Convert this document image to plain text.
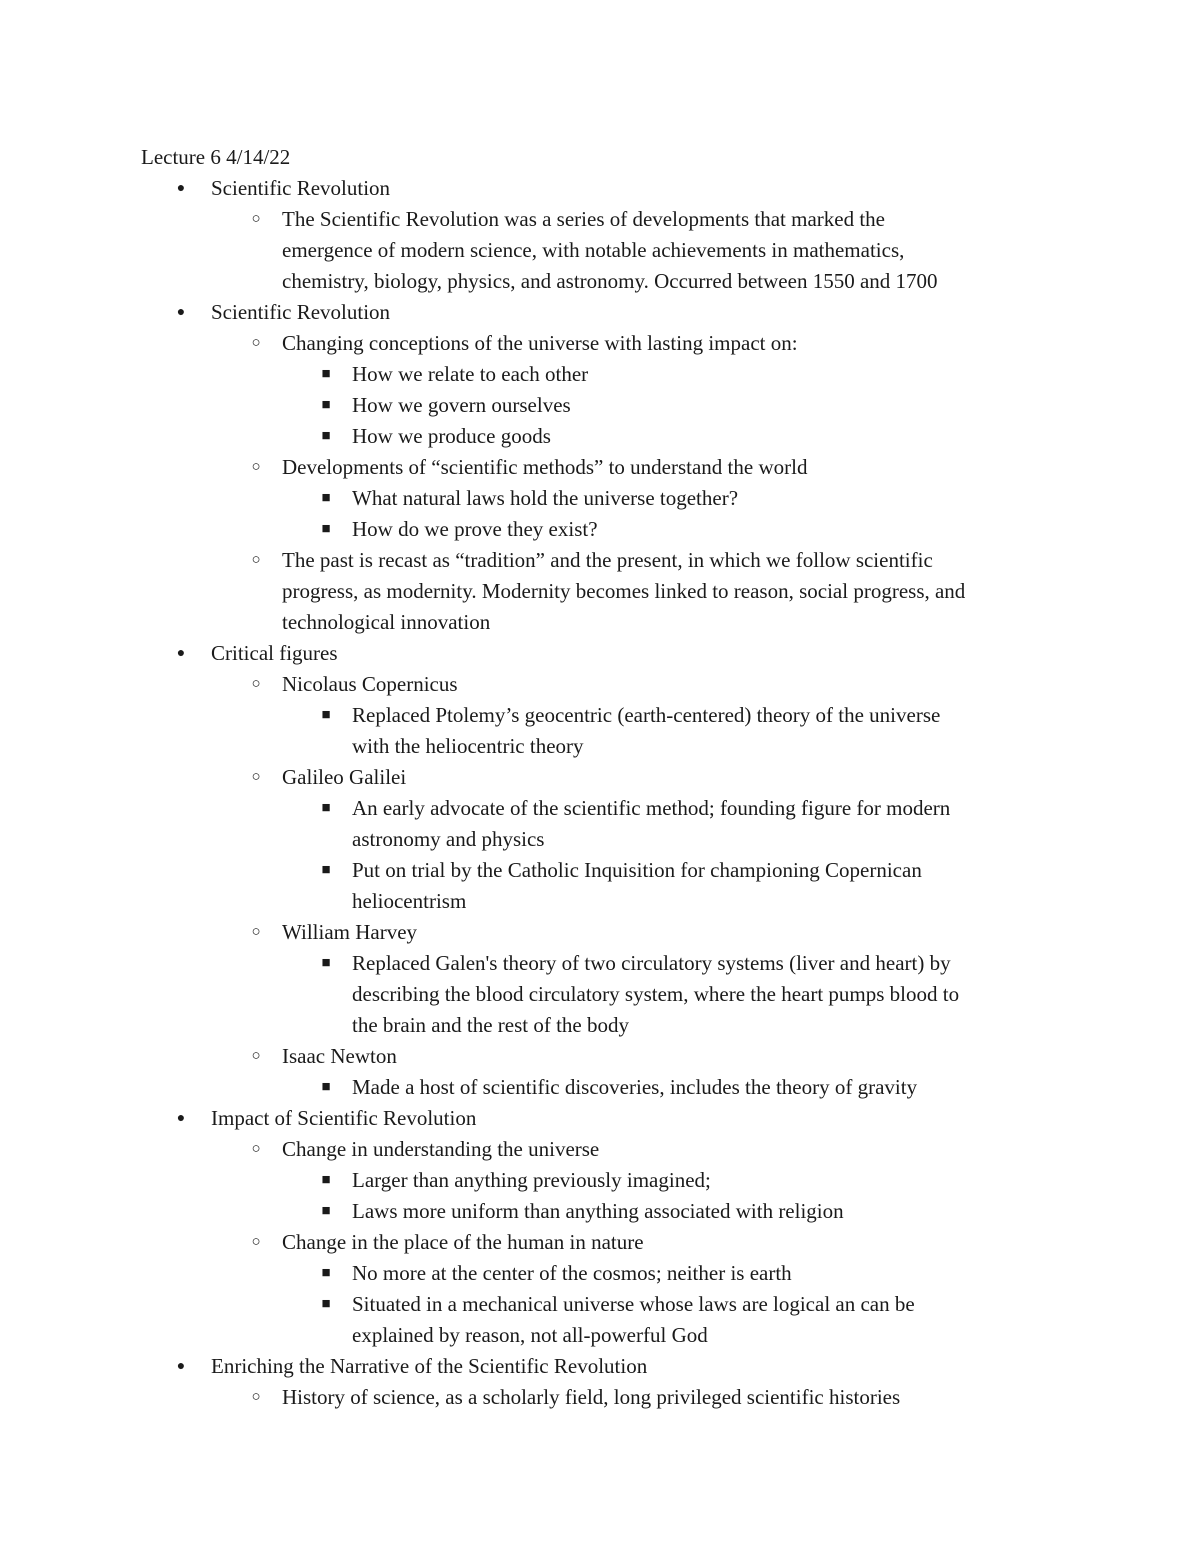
Lecture 6 4/14/22
● Scientific Revolution
○ The Scientific Revolution was a series of developments that marked the
emergence of modern science, with notable achievements in mathematics,
chemistry, biology, physics, and astronomy. Occurred between 1550 and 1700
● Scientific Revolution
○ Changing conceptions of the universe with lasting impact on:
■ How we relate to each other
■ How we govern ourselves
■ How we produce goods
○ Developments of “scientific methods” to understand the world
■ What natural laws hold the universe together?
■ How do we prove they exist?
○ The past is recast as “tradition” and the present, in which we follow scientific
progress, as modernity. Modernity becomes linked to reason, social progress, and
technological innovation
● Critical figures
○ Nicolaus Copernicus
■ Replaced Ptolemy’s geocentric (earth-centered) theory of the universe
with the heliocentric theory
○ Galileo Galilei
■ An early advocate of the scientific method; founding figure for modern
astronomy and physics
■ Put on trial by the Catholic Inquisition for championing Copernican
heliocentrism
○ William Harvey
■ Replaced Galen's theory of two circulatory systems (liver and heart) by
describing the blood circulatory system, where the heart pumps blood to
the brain and the rest of the body
○ Isaac Newton
■ Made a host of scientific discoveries, includes the theory of gravity
● Impact of Scientific Revolution
○ Change in understanding the universe
■ Larger than anything previously imagined;
■ Laws more uniform than anything associated with religion
○ Change in the place of the human in nature
■ No more at the center of the cosmos; neither is earth
■ Situated in a mechanical universe whose laws are logical an can be
explained by reason, not all-powerful God
● Enriching the Narrative of the Scientific Revolution
○ History of science, as a scholarly field, long privileged scientific histories
